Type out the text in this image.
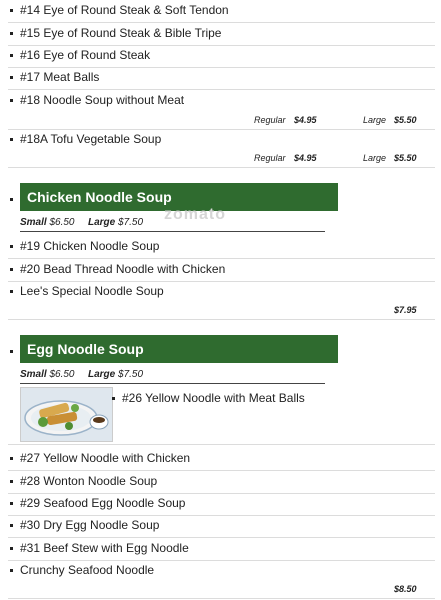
#14 Eye of Round Steak & Soft Tendon
#15 Eye of Round Steak & Bible Tripe
#16 Eye of Round Steak
#17 Meat Balls
#18 Noodle Soup without Meat
Regular $4.95	Large $5.50
#18A Tofu Vegetable Soup
Regular $4.95	Large $5.50
Chicken Noodle Soup
zomato
Small $6.50 Large $7.50
#19 Chicken Noodle Soup
#20 Bead Thread Noodle with Chicken
Lee's Special Noodle Soup
$7.95
Egg Noodle Soup
Small $6.50 Large $7.50
#26 Yellow Noodle with Meat Balls
#27 Yellow Noodle with Chicken
#28 Wonton Noodle Soup
#29 Seafood Egg Noodle Soup
#30 Dry Egg Noodle Soup
#31 Beef Stew with Egg Noodle
Crunchy Seafood Noodle
$8.50
